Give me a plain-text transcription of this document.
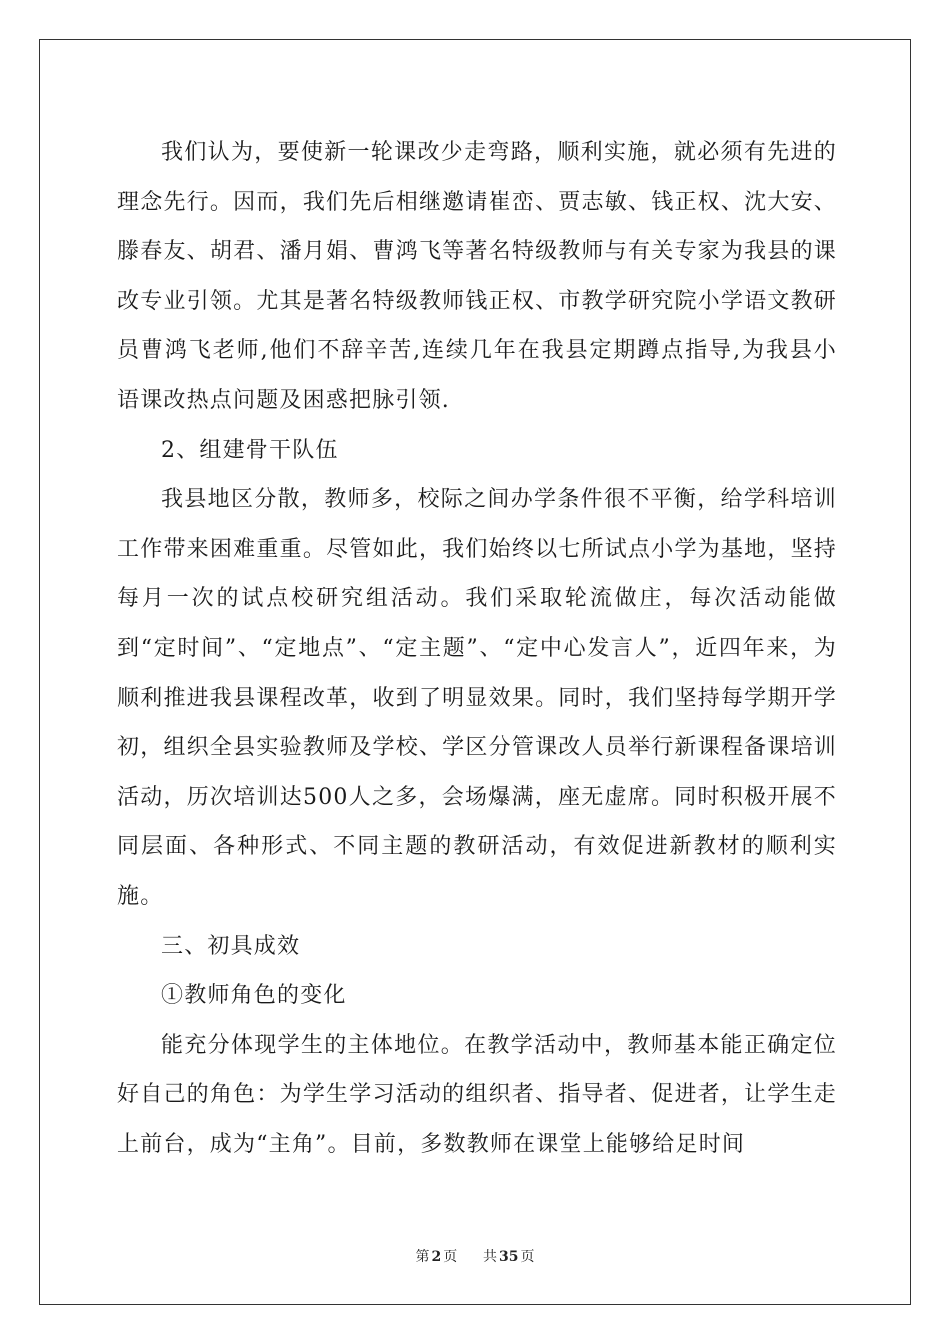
我们认为，要使新一轮课改少走弯路，顺利实施，就必须有先进的理念先行。因而，我们先后相继邀请崔峦、贾志敏、钱正权、沈大安、滕春友、胡君、潘月娟、曹鸿飞等著名特级教师与有关专家为我县的课改专业引领。尤其是著名特级教师钱正权、市教学研究院小学语文教研员曹鸿飞老师,他们不辞辛苦,连续几年在我县定期蹲点指导,为我县小语课改热点问题及困惑把脉引领.

2、组建骨干队伍

我县地区分散，教师多，校际之间办学条件很不平衡，给学科培训工作带来困难重重。尽管如此，我们始终以七所试点小学为基地，坚持每月一次的试点校研究组活动。我们采取轮流做庄，每次活动能做到“定时间”、“定地点”、“定主题”、“定中心发言人”，近四年来，为顺利推进我县课程改革，收到了明显效果。同时，我们坚持每学期开学初，组织全县实验教师及学校、学区分管课改人员举行新课程备课培训活动，历次培训达500人之多，会场爆满，座无虚席。同时积极开展不同层面、各种形式、不同主题的教研活动，有效促进新教材的顺利实施。

三、初具成效

①教师角色的变化

能充分体现学生的主体地位。在教学活动中，教师基本能正确定位好自己的角色：为学生学习活动的组织者、指导者、促进者，让学生走上前台，成为“主角”。目前，多数教师在课堂上能够给足时间

第 2 页 共 35 页
